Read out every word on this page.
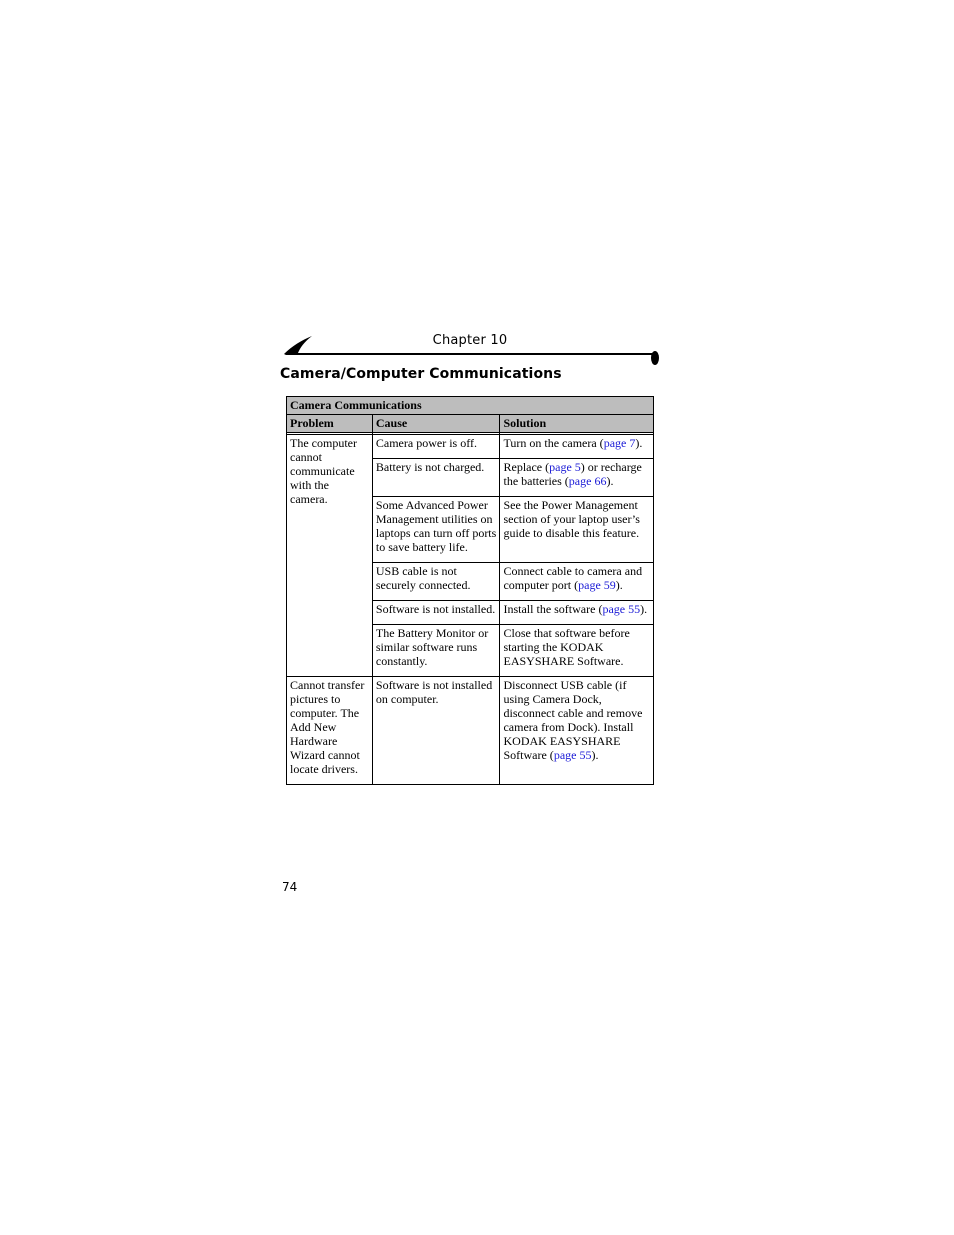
Chapter 10
Camera/Computer Communications
Camera Communications		
Problem	Cause	Solution

The computer cannot communicate with the camera.	Camera power is off.	Turn on the camera (page 7).
	Battery is not charged.	Replace (page 5) or recharge the batteries (page 66).
	Some Advanced Power Management utilities on laptops can turn off ports to save battery life.	See the Power Management section of your laptop user’s guide to disable this feature.
	USB cable is not securely connected.	Connect cable to camera and computer port (page 59).
	Software is not installed.	Install the software (page 55).
	The Battery Monitor or similar software runs constantly.	Close that software before starting the KODAK EASYSHARE Software.
Cannot transfer pictures to computer. The Add New Hardware Wizard cannot locate drivers.	Software is not installed on computer.	Disconnect USB cable (if using Camera Dock, disconnect cable and remove camera from Dock). Install KODAK EASYSHARE Software (page 55).
74
